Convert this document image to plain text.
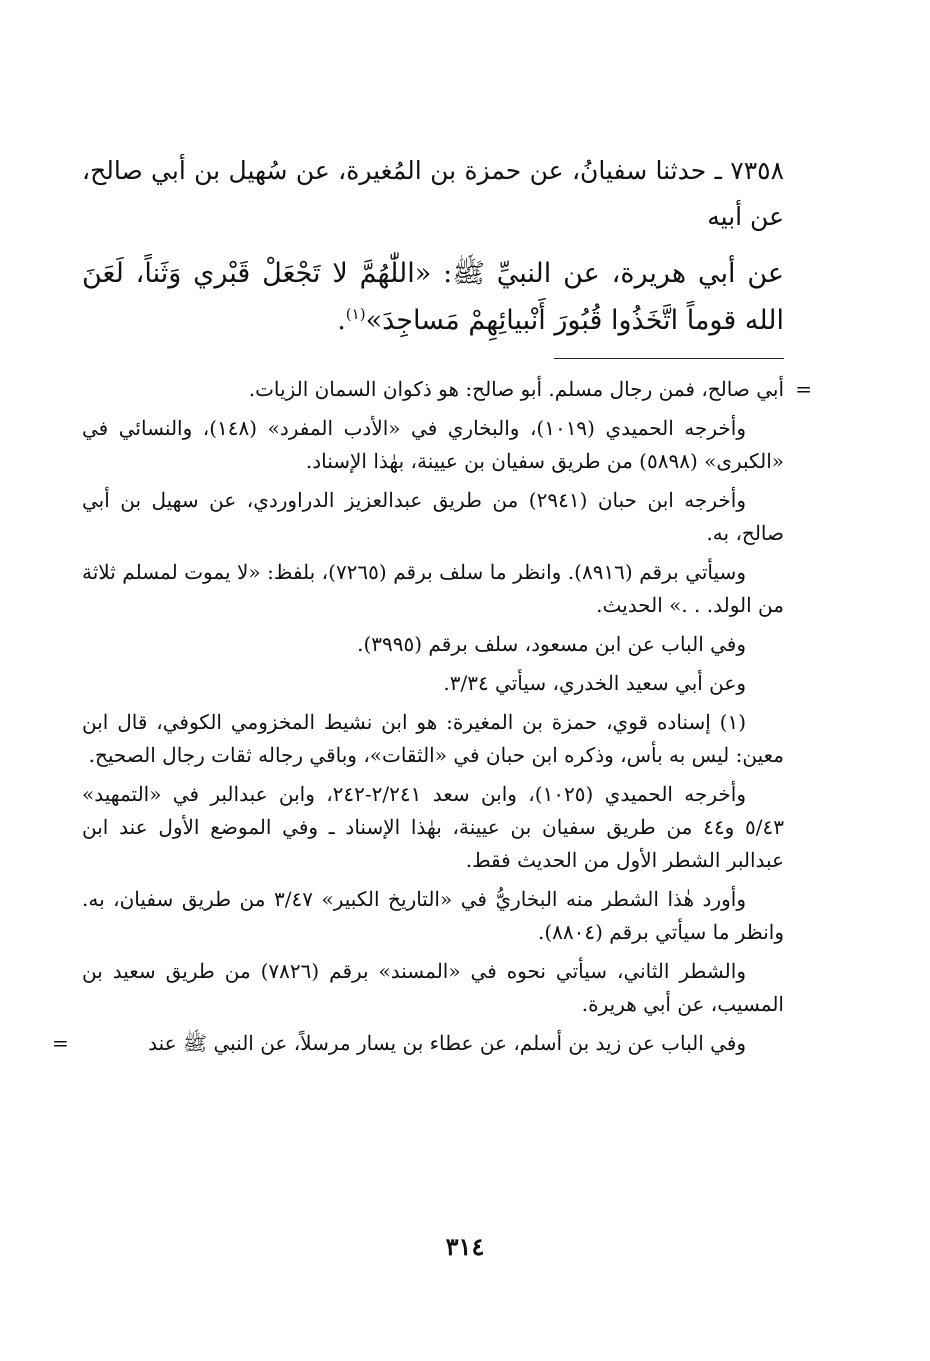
٧٣٥٨ ـ حدثنا سفيانُ، عن حمزة بن المُغيرة، عن سُهيل بن أبي صالح، عن أبيه

عن أبي هريرة، عن النبيِّ ﷺ: «اللّٰهُمَّ لا تَجْعَلْ قَبْري وَثَناً، لَعَنَ الله قوماً اتَّخَذُوا قُبُورَ أَنْبيائِهِمْ مَساجِدَ»$^{(١)}$.

=
أبي صالح، فمن رجال مسلم. أبو صالح: هو ذكوان السمان الزيات.

وأخرجه الحميدي (١٠١٩)، والبخاري في «الأدب المفرد» (١٤٨)، والنسائي في «الكبرى» (٥٨٩٨) من طريق سفيان بن عيينة، بهٰذا الإسناد.

وأخرجه ابن حبان (٢٩٤١) من طريق عبدالعزيز الدراوردي، عن سهيل بن أبي صالح، به.

وسيأتي برقم (٨٩١٦). وانظر ما سلف برقم (٧٢٦٥)، بلفظ: «لا يموت لمسلم ثلاثة من الولد. . .» الحديث.

وفي الباب عن ابن مسعود، سلف برقم (٣٩٩٥).

وعن أبي سعيد الخدري، سيأتي ٣/٣٤.

(١) إسناده قوي، حمزة بن المغيرة: هو ابن نشيط المخزومي الكوفي، قال ابن معين: ليس به بأس، وذكره ابن حبان في «الثقات»، وباقي رجاله ثقات رجال الصحيح.

وأخرجه الحميدي (١٠٢٥)، وابن سعد ٢/٢٤١-٢٤٢، وابن عبدالبر في «التمهيد» ٥/٤٣ و٤٤ من طريق سفيان بن عيينة، بهٰذا الإسناد ـ وفي الموضع الأول عند ابن عبدالبر الشطر الأول من الحديث فقط.

وأورد هٰذا الشطر منه البخاريُّ في «التاريخ الكبير» ٣/٤٧ من طريق سفيان، به. وانظر ما سيأتي برقم (٨٨٠٤).

والشطر الثاني، سيأتي نحوه في «المسند» برقم (٧٨٢٦) من طريق سعيد بن المسيب، عن أبي هريرة.

وفي الباب عن زيد بن أسلم، عن عطاء بن يسار مرسلاً، عن النبي ﷺ عند
=

٣١٤
